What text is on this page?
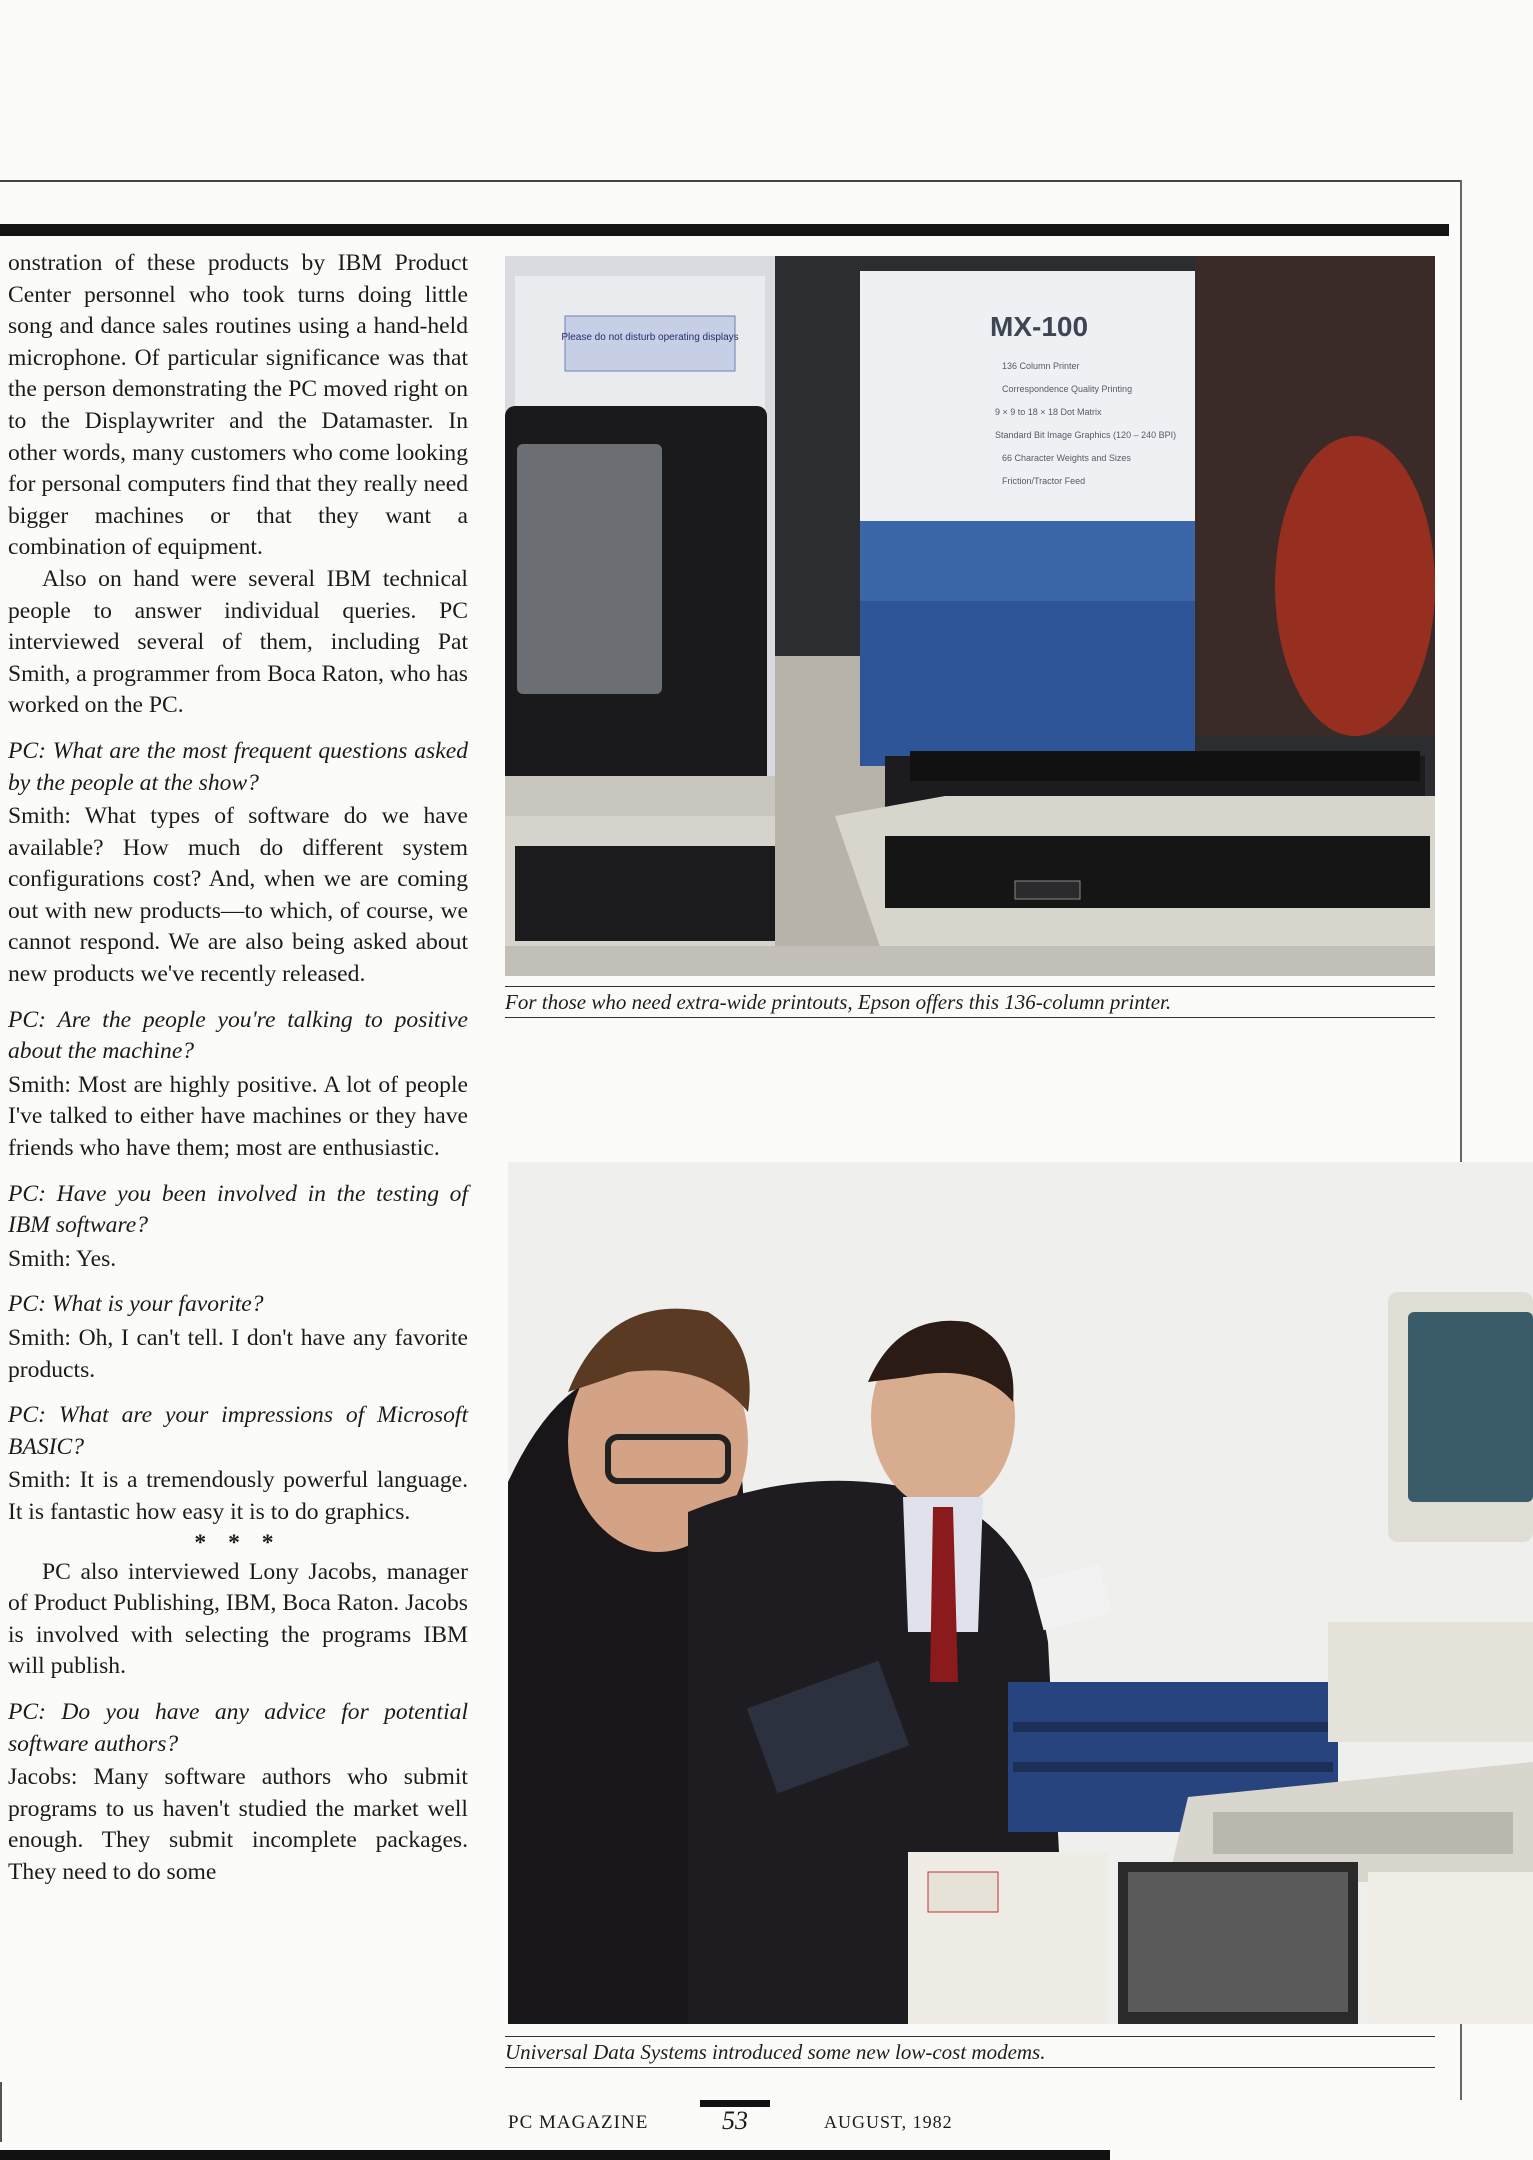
onstration of these products by IBM Product Center personnel who took turns doing little song and dance sales routines using a hand-held microphone. Of particular significance was that the person demonstrating the PC moved right on to the Displaywriter and the Datamaster. In other words, many customers who come looking for personal computers find that they really need bigger machines or that they want a combination of equipment.

Also on hand were several IBM technical people to answer individual queries. PC interviewed several of them, including Pat Smith, a programmer from Boca Raton, who has worked on the PC.

PC: What are the most frequent questions asked by the people at the show?

Smith: What types of software do we have available? How much do different system configurations cost? And, when we are coming out with new products—to which, of course, we cannot respond. We are also being asked about new products we've recently released.

PC: Are the people you're talking to positive about the machine?

Smith: Most are highly positive. A lot of people I've talked to either have machines or they have friends who have them; most are enthusiastic.

PC: Have you been involved in the testing of IBM software?

Smith: Yes.

PC: What is your favorite?

Smith: Oh, I can't tell. I don't have any favorite products.

PC: What are your impressions of Microsoft BASIC?

Smith: It is a tremendously powerful language. It is fantastic how easy it is to do graphics.

* * *

PC also interviewed Lony Jacobs, manager of Product Publishing, IBM, Boca Raton. Jacobs is involved with selecting the programs IBM will publish.

PC: Do you have any advice for potential software authors?

Jacobs: Many software authors who submit programs to us haven't studied the market well enough. They submit incomplete packages. They need to do some

Please do not disturb operating displays	MX-100
136 Column Printer
Correspondence Quality Printing
9 × 9 to 18 × 18 Dot Matrix
Standard Bit Image Graphics (120 – 240 BPI)
66 Character Weights and Sizes
Friction/Tractor Feed
For those who need extra-wide printouts, Epson offers this 136-column printer.
Universal Data Systems introduced some new low-cost modems.
PC MAGAZINE	53	AUGUST, 1982
